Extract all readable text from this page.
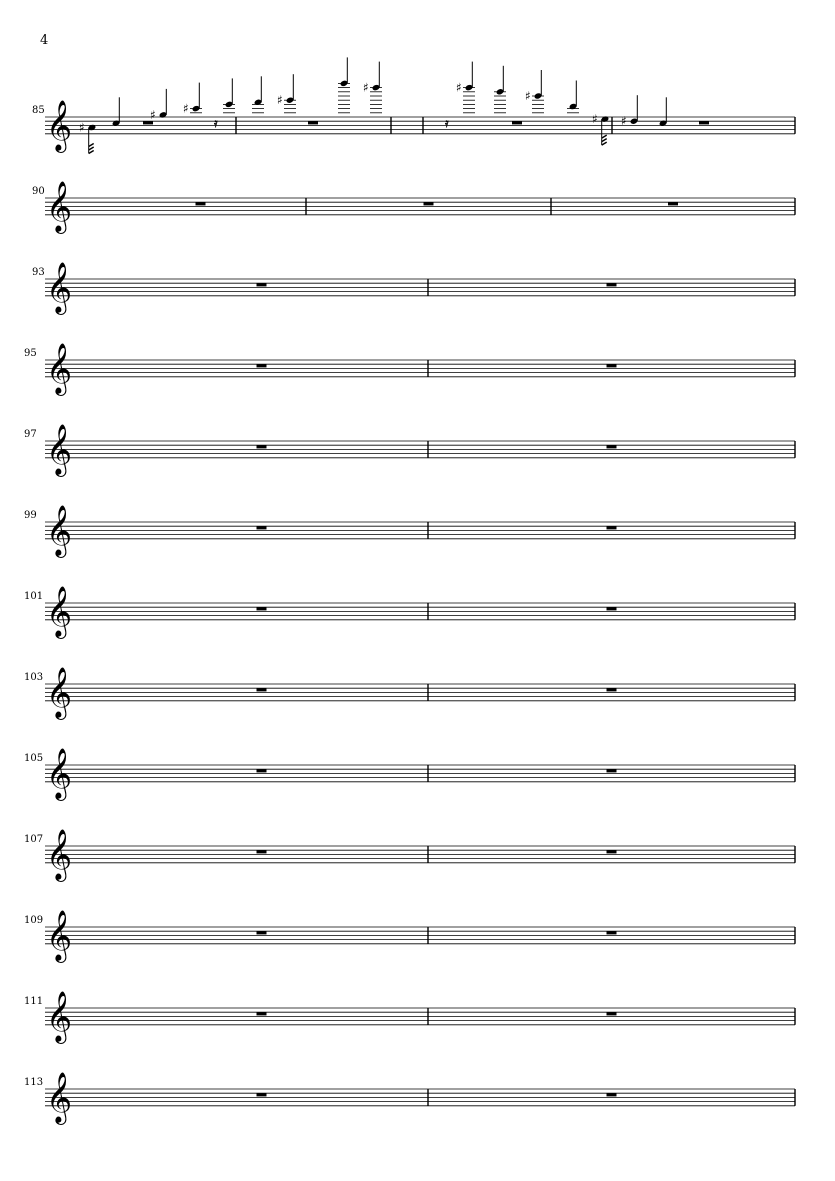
4
85 𝄞 ♯
♯ ♯
𝄿
♯
♯
𝄿
♯
♯
♯ ♯
90 𝄞
93 𝄞
95 𝄞
97 𝄞
99 𝄞
101 𝄞
103 𝄞
105 𝄞
107 𝄞
109 𝄞
111 𝄞
113 𝄞
